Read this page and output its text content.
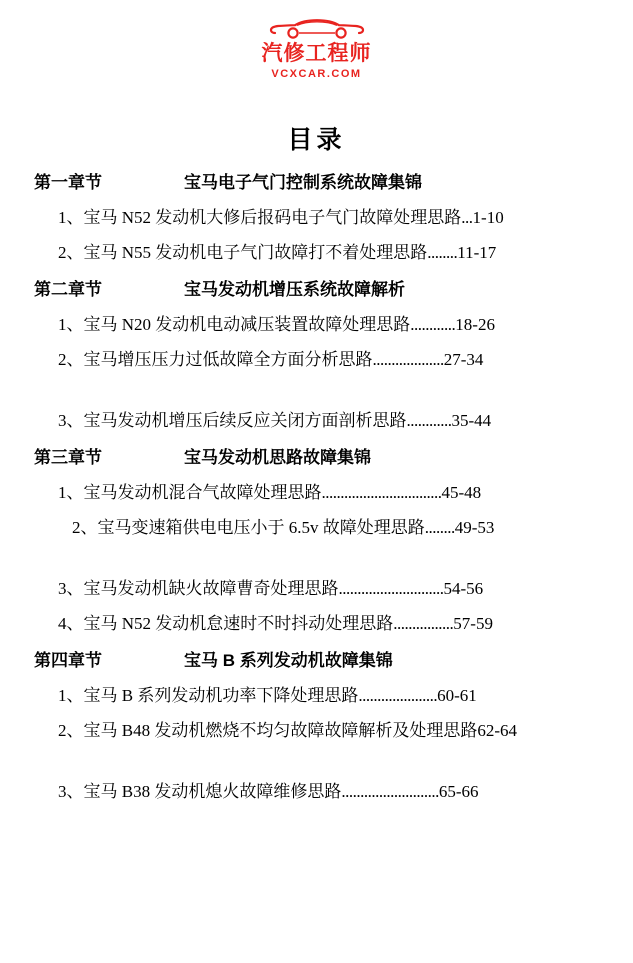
汽修工程师
VCXCAR.COM
目录
第一章节	宝马电子气门控制系统故障集锦
1、宝马 N52 发动机大修后报码电子气门故障处理思路...1-10
2、宝马 N55 发动机电子气门故障打不着处理思路........11-17
第二章节	宝马发动机增压系统故障解析
1、宝马 N20 发动机电动减压装置故障处理思路............18-26
2、宝马增压压力过低故障全方面分析思路...................27-34
3、宝马发动机增压后续反应关闭方面剖析思路............35-44
第三章节	宝马发动机思路故障集锦
1、宝马发动机混合气故障处理思路................................45-48
2、宝马变速箱供电电压小于 6.5v 故障处理思路........49-53
3、宝马发动机缺火故障曹奇处理思路............................54-56
4、宝马 N52 发动机怠速时不时抖动处理思路................57-59
第四章节	宝马 B 系列发动机故障集锦
1、宝马 B 系列发动机功率下降处理思路.....................60-61
2、宝马 B48 发动机燃烧不均匀故障故障解析及处理思路62-64
3、宝马 B38 发动机熄火故障维修思路..........................65-66
